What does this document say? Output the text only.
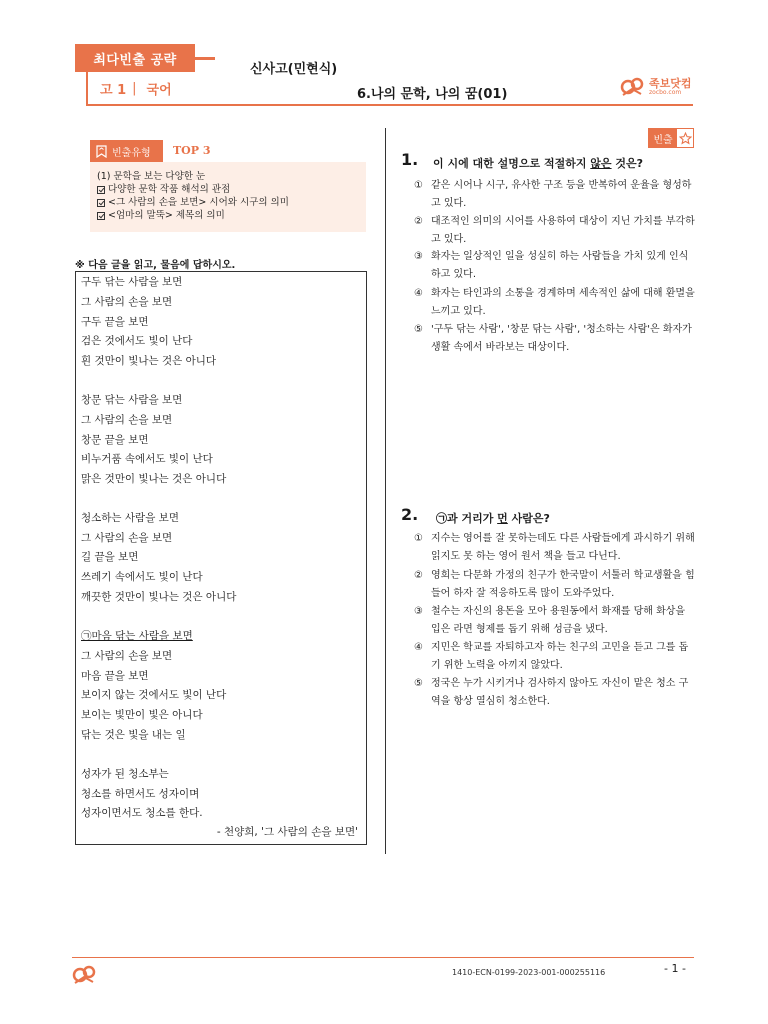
최다빈출 공략
고 1 | 국어
신사고(민현식)
6.나의 문학, 나의 꿈(01)
족보닷컴
zocbo.com
빈출유형 TOP 3
(1) 문학을 보는 다양한 눈
다양한 문학 작품 해석의 관점
<그 사람의 손을 보면> 시어와 시구의 의미
<엄마의 말뚝> 제목의 의미
※ 다음 글을 읽고, 물음에 답하시오.
구두 닦는 사람을 보면
그 사람의 손을 보면
구두 끝을 보면
검은 것에서도 빛이 난다
흰 것만이 빛나는 것은 아니다
창문 닦는 사람을 보면
그 사람의 손을 보면
창문 끝을 보면
비누거품 속에서도 빛이 난다
맑은 것만이 빛나는 것은 아니다
청소하는 사람을 보면
그 사람의 손을 보면
길 끝을 보면
쓰레기 속에서도 빛이 난다
깨끗한 것만이 빛나는 것은 아니다
㉠마음 닦는 사람을 보면
그 사람의 손을 보면
마음 끝을 보면
보이지 않는 것에서도 빛이 난다
보이는 빛만이 빛은 아니다
닦는 것은 빛을 내는 일
성자가 된 청소부는
청소를 하면서도 성자이며
성자이면서도 청소를 한다.
- 천양희, '그 사람의 손을 보면'
빈출
1. 이 시에 대한 설명으로 적절하지 않은 것은?
① 같은 시어나 시구, 유사한 구조 등을 반복하여 운율을 형성하고 있다.
② 대조적인 의미의 시어를 사용하여 대상이 지닌 가치를 부각하고 있다.
③ 화자는 일상적인 일을 성실히 하는 사람들을 가치 있게 인식하고 있다.
④ 화자는 타인과의 소통을 경계하며 세속적인 삶에 대해 환멸을 느끼고 있다.
⑤ '구두 닦는 사람', '창문 닦는 사람', '청소하는 사람'은 화자가 생활 속에서 바라보는 대상이다.
2. ㉠과 거리가 먼 사람은?
① 지수는 영어를 잘 못하는데도 다른 사람들에게 과시하기 위해 읽지도 못 하는 영어 원서 책을 들고 다닌다.
② 영희는 다문화 가정의 친구가 한국말이 서툴러 학교생활을 힘들어 하자 잘 적응하도록 많이 도와주었다.
③ 철수는 자신의 용돈을 모아 용원동에서 화재를 당해 화상을 입은 라면 형제를 돕기 위해 성금을 냈다.
④ 지민은 학교를 자퇴하고자 하는 친구의 고민을 듣고 그를 돕기 위한 노력을 아끼지 않았다.
⑤ 정국은 누가 시키거나 검사하지 않아도 자신이 맡은 청소 구역을 항상 열심히 청소한다.
1410-ECN-0199-2023-001-000255116	- 1 -
